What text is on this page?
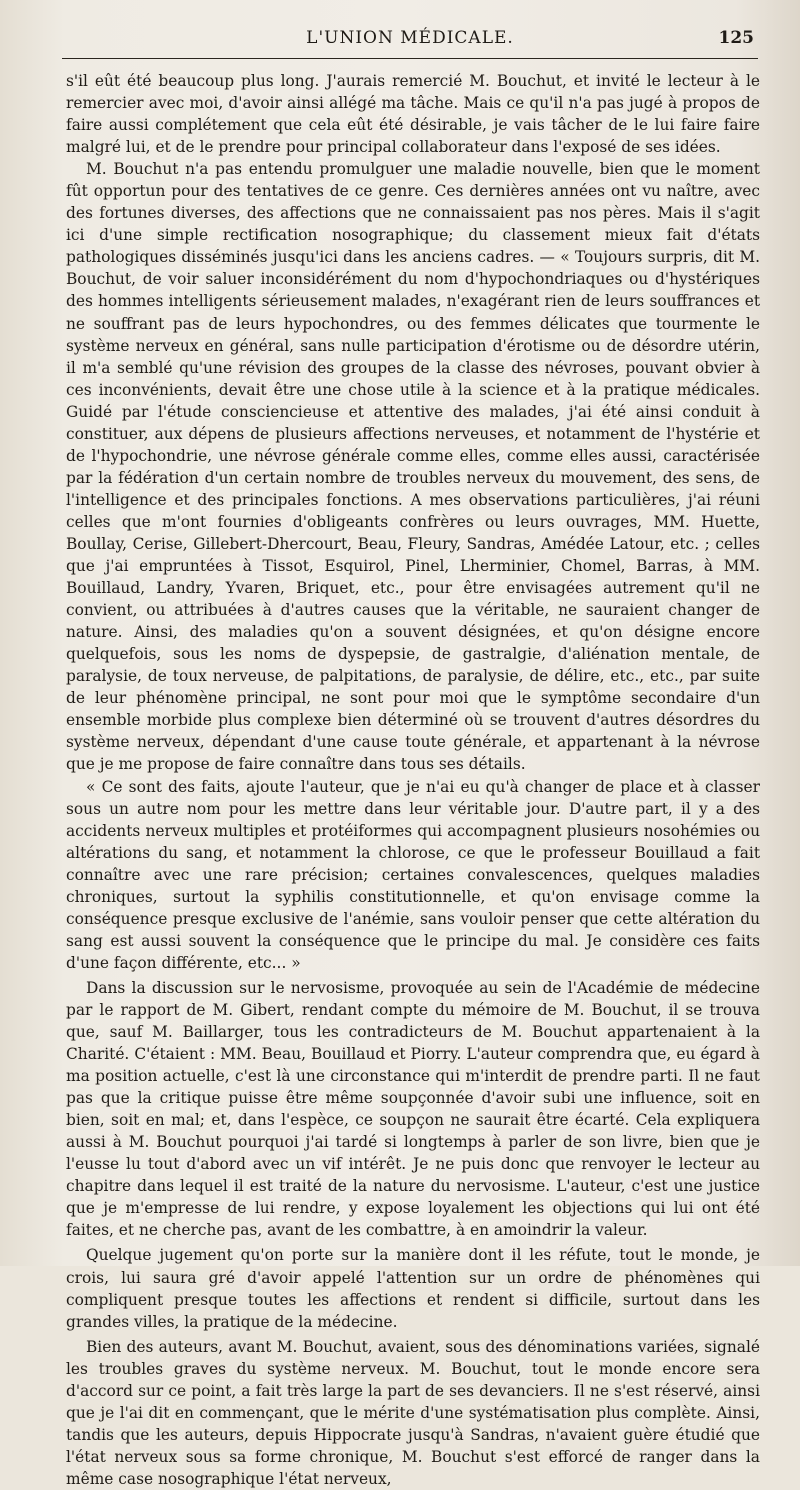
L'UNION MÉDICALE.	125

s'il eût été beaucoup plus long. J'aurais remercié M. Bouchut, et invité le lecteur à le remercier avec moi, d'avoir ainsi allégé ma tâche. Mais ce qu'il n'a pas jugé à propos de faire aussi complétement que cela eût été désirable, je vais tâcher de le lui faire faire malgré lui, et de le prendre pour principal collaborateur dans l'exposé de ses idées.

M. Bouchut n'a pas entendu promulguer une maladie nouvelle, bien que le moment fût opportun pour des tentatives de ce genre. Ces dernières années ont vu naître, avec des fortunes diverses, des affections que ne connaissaient pas nos pères. Mais il s'agit ici d'une simple rectification nosographique; du classement mieux fait d'états pathologiques disséminés jusqu'ici dans les anciens cadres. — « Toujours surpris, dit M. Bouchut, de voir saluer inconsidérément du nom d'hypochondriaques ou d'hystériques des hommes intelligents sérieusement malades, n'exagérant rien de leurs souffrances et ne souffrant pas de leurs hypochondres, ou des femmes délicates que tourmente le système nerveux en général, sans nulle participation d'érotisme ou de désordre utérin, il m'a semblé qu'une révision des groupes de la classe des névroses, pouvant obvier à ces inconvénients, devait être une chose utile à la science et à la pratique médicales. Guidé par l'étude consciencieuse et attentive des malades, j'ai été ainsi conduit à constituer, aux dépens de plusieurs affections nerveuses, et notamment de l'hystérie et de l'hypochondrie, une névrose générale comme elles, comme elles aussi, caractérisée par la fédération d'un certain nombre de troubles nerveux du mouvement, des sens, de l'intelligence et des principales fonctions. A mes observations particulières, j'ai réuni celles que m'ont fournies d'obligeants confrères ou leurs ouvrages, MM. Huette, Boullay, Cerise, Gillebert-Dhercourt, Beau, Fleury, Sandras, Amédée Latour, etc. ; celles que j'ai empruntées à Tissot, Esquirol, Pinel, Lherminier, Chomel, Barras, à MM. Bouillaud, Landry, Yvaren, Briquet, etc., pour être envisagées autrement qu'il ne convient, ou attribuées à d'autres causes que la véritable, ne sauraient changer de nature. Ainsi, des maladies qu'on a souvent désignées, et qu'on désigne encore quelquefois, sous les noms de dyspepsie, de gastralgie, d'aliénation mentale, de paralysie, de toux nerveuse, de palpitations, de paralysie, de délire, etc., etc., par suite de leur phénomène principal, ne sont pour moi que le symptôme secondaire d'un ensemble morbide plus complexe bien déterminé où se trouvent d'autres désordres du système nerveux, dépendant d'une cause toute générale, et appartenant à la névrose que je me propose de faire connaître dans tous ses détails.

« Ce sont des faits, ajoute l'auteur, que je n'ai eu qu'à changer de place et à classer sous un autre nom pour les mettre dans leur véritable jour. D'autre part, il y a des accidents nerveux multiples et protéiformes qui accompagnent plusieurs nosohémies ou altérations du sang, et notamment la chlorose, ce que le professeur Bouillaud a fait connaître avec une rare précision; certaines convalescences, quelques maladies chroniques, surtout la syphilis constitutionnelle, et qu'on envisage comme la conséquence presque exclusive de l'anémie, sans vouloir penser que cette altération du sang est aussi souvent la conséquence que le principe du mal. Je considère ces faits d'une façon différente, etc... »

Dans la discussion sur le nervosisme, provoquée au sein de l'Académie de médecine par le rapport de M. Gibert, rendant compte du mémoire de M. Bouchut, il se trouva que, sauf M. Baillarger, tous les contradicteurs de M. Bouchut appartenaient à la Charité. C'étaient : MM. Beau, Bouillaud et Piorry. L'auteur comprendra que, eu égard à ma position actuelle, c'est là une circonstance qui m'interdit de prendre parti. Il ne faut pas que la critique puisse être même soupçonnée d'avoir subi une influence, soit en bien, soit en mal; et, dans l'espèce, ce soupçon ne saurait être écarté. Cela expliquera aussi à M. Bouchut pourquoi j'ai tardé si longtemps à parler de son livre, bien que je l'eusse lu tout d'abord avec un vif intérêt. Je ne puis donc que renvoyer le lecteur au chapitre dans lequel il est traité de la nature du nervosisme. L'auteur, c'est une justice que je m'empresse de lui rendre, y expose loyalement les objections qui lui ont été faites, et ne cherche pas, avant de les combattre, à en amoindrir la valeur.

Quelque jugement qu'on porte sur la manière dont il les réfute, tout le monde, je crois, lui saura gré d'avoir appelé l'attention sur un ordre de phénomènes qui compliquent presque toutes les affections et rendent si difficile, surtout dans les grandes villes, la pratique de la médecine.

Bien des auteurs, avant M. Bouchut, avaient, sous des dénominations variées, signalé les troubles graves du système nerveux. M. Bouchut, tout le monde encore sera d'accord sur ce point, a fait très large la part de ses devanciers. Il ne s'est réservé, ainsi que je l'ai dit en commençant, que le mérite d'une systématisation plus complète. Ainsi, tandis que les auteurs, depuis Hippocrate jusqu'à Sandras, n'avaient guère étudié que l'état nerveux sous sa forme chronique, M. Bouchut s'est efforcé de ranger dans la même case nosographique l'état nerveux,
